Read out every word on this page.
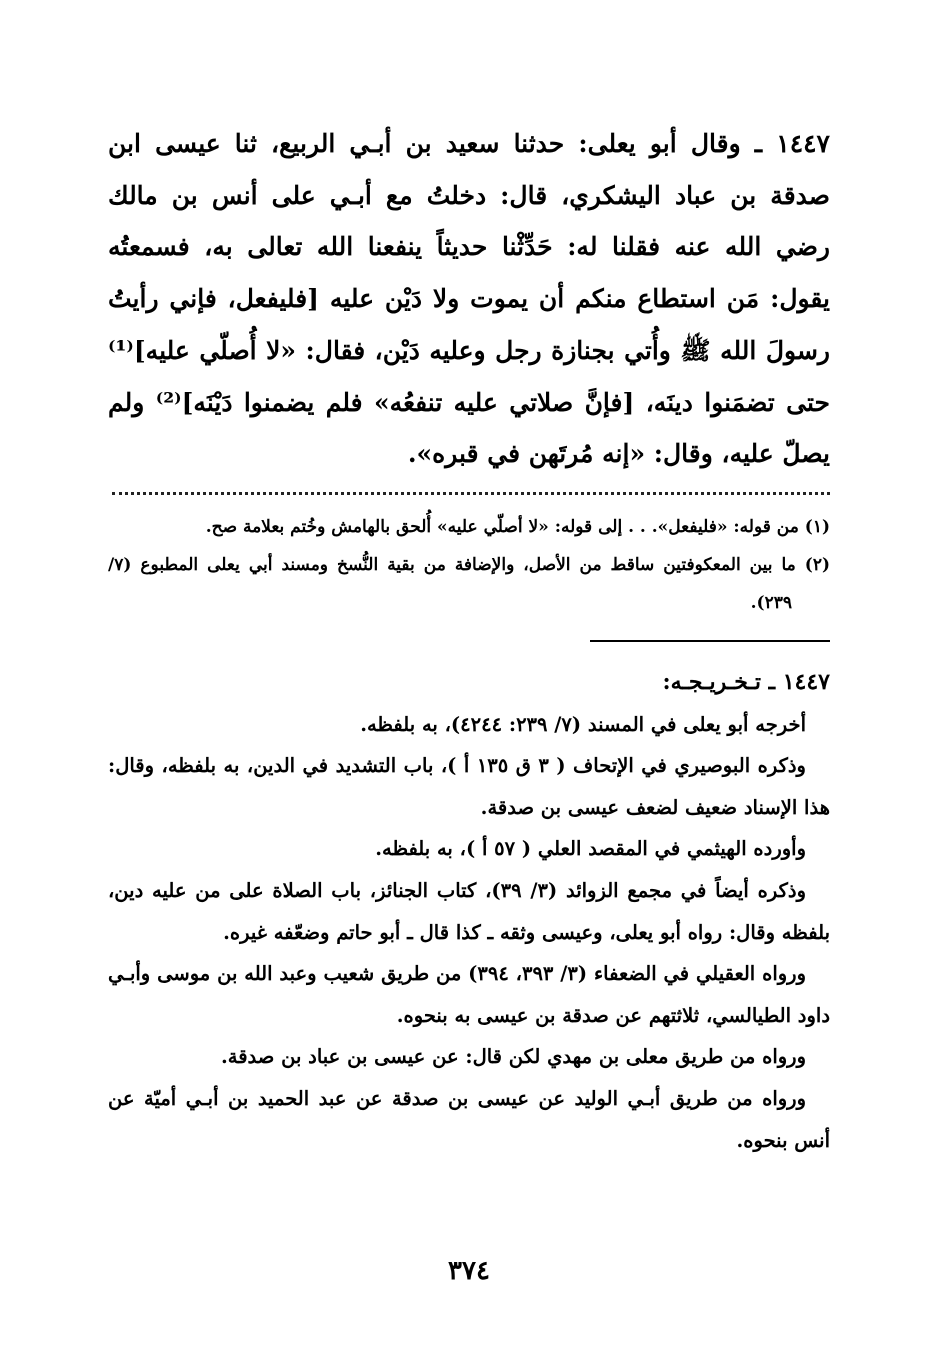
١٤٤٧ ـ وقال أبو يعلى: حدثنا سعيد بن أبـي الربيع، ثنا عيسى ابن صدقة بن عباد اليشكري، قال: دخلتُ مع أبـي على أنس بن مالك رضي الله عنه فقلنا له: حَدِّثْنا حديثاً ينفعنا الله تعالى به، فسمعتُه يقول: مَن استطاع منكم أن يموت ولا دَيْن عليه [فليفعل، فإني رأيتُ رسولَ الله ﷺ وأُتي بجنازة رجل وعليه دَيْن، فقال: «لا أُصلّي عليه]⁽¹⁾ حتى تضمَنوا دينَه، [فإنَّ صلاتي عليه تنفعُه» فلم يضمنوا دَيْنَه]⁽²⁾ ولم يصلّ عليه، وقال: «إنه مُرتَهن في قبره».

(١) من قوله: «فليفعل». . . إلى قوله: «لا أصلّي عليه» أُلحق بالهامش وخُتم بعلامة صح.

(٢) ما بين المعكوفتين ساقط من الأصل، والإضافة من بقية النُّسخ ومسند أبي يعلى المطبوع (٧/ ٢٣٩).

١٤٤٧ ـ تـخـريـجـه:

أخرجه أبو يعلى في المسند (٧/ ٢٣٩: ٤٢٤٤)، به بلفظه.

وذكره البوصيري في الإتحاف ( ٣ ق ١٣٥ أ )، باب التشديد في الدين، به بلفظه، وقال: هذا الإسناد ضعيف لضعف عيسى بن صدقة.

وأورده الهيثمي في المقصد العلي ( ٥٧ أ )، به بلفظه.

وذكره أيضاً في مجمع الزوائد (٣/ ٣٩)، كتاب الجنائز، باب الصلاة على من عليه دين، بلفظه وقال: رواه أبو يعلى، وعيسى وثقه ـ كذا قال ـ أبو حاتم وضعّفه غيره.

ورواه العقيلي في الضعفاء (٣/ ٣٩٣، ٣٩٤) من طريق شعيب وعبد الله بن موسى وأبـي داود الطيالسي، ثلاثتهم عن صدقة بن عيسى به بنحوه.

ورواه من طريق معلى بن مهدي لكن قال: عن عيسى بن عباد بن صدقة.

ورواه من طريق أبـي الوليد عن عيسى بن صدقة عن عبد الحميد بن أبـي أميّة عن أنس بنحوه.

٣٧٤
